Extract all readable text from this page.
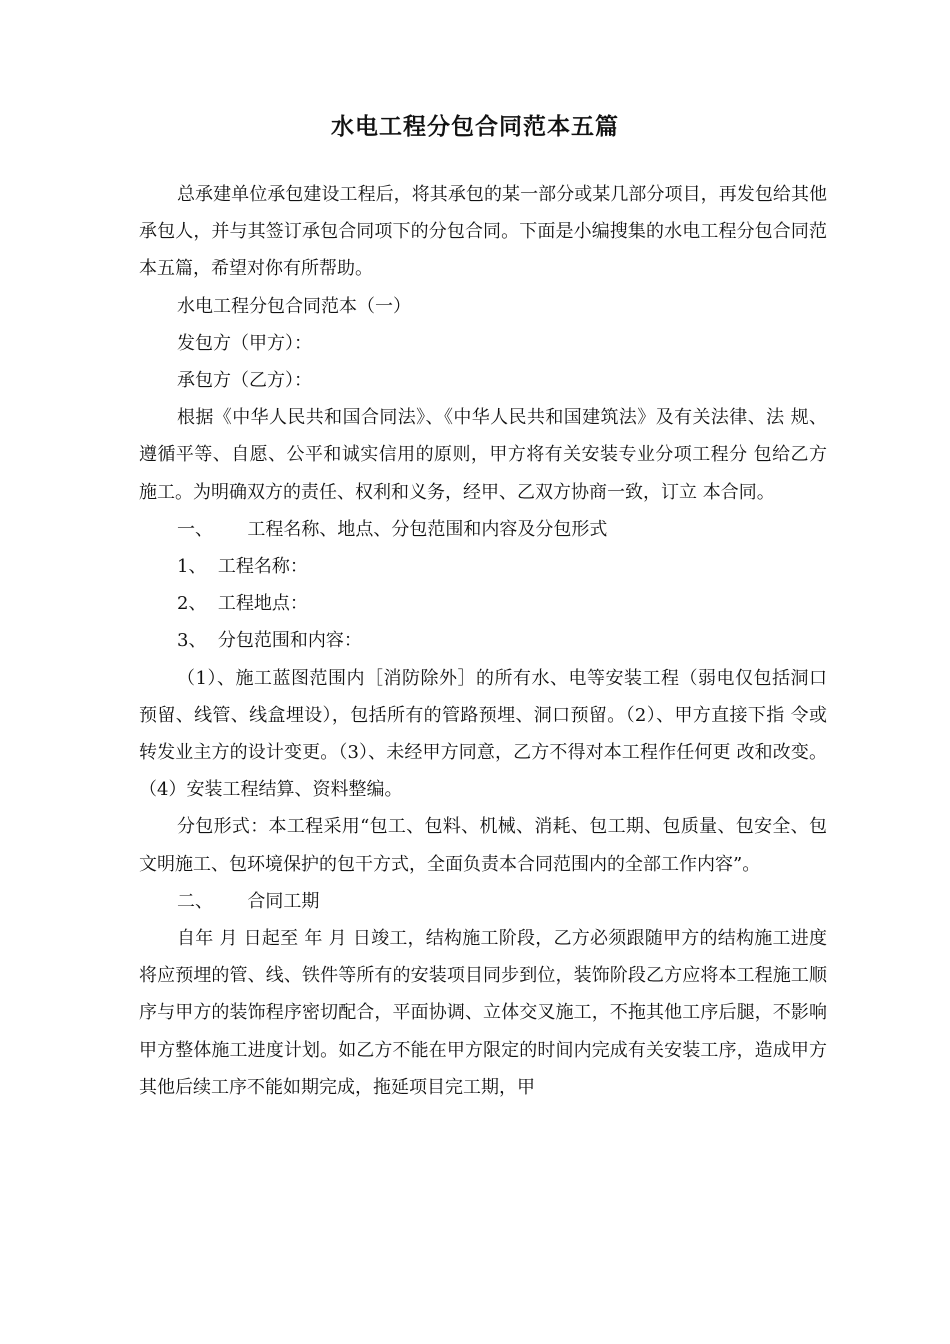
水电工程分包合同范本五篇

总承建单位承包建设工程后，将其承包的某一部分或某几部分项目，再发包给其他承包人，并与其签订承包合同项下的分包合同。下面是小编搜集的水电工程分包合同范本五篇，希望对你有所帮助。

水电工程分包合同范本（一）

发包方（甲方）：

承包方（乙方）：

根据《中华人民共和国合同法》、《中华人民共和国建筑法》及有关法律、法 规、遵循平等、自愿、公平和诚实信用的原则，甲方将有关安装专业分项工程分 包给乙方施工。为明确双方的责任、权利和义务，经甲、乙双方协商一致，订立 本合同。

一、      工程名称、地点、分包范围和内容及分包形式

1、  工程名称：

2、  工程地点：

3、  分包范围和内容：

（1）、施工蓝图范围内［消防除外］的所有水、电等安装工程（弱电仅包括洞口 预留、线管、线盒埋设），包括所有的管路预埋、洞口预留。（2）、甲方直接下指 令或转发业主方的设计变更。（3）、未经甲方同意，乙方不得对本工程作任何更 改和改变。（4）安装工程结算、资料整编。

分包形式：本工程采用“包工、包料、机械、消耗、包工期、包质量、包安全、包文明施工、包环境保护的包干方式，全面负责本合同范围内的全部工作内容”。

二、      合同工期

自年 月 日起至 年 月 日竣工，结构施工阶段，乙方必须跟随甲方的结构施工进度将应预埋的管、线、铁件等所有的安装项目同步到位，装饰阶段乙方应将本工程施工顺序与甲方的装饰程序密切配合，平面协调、立体交叉施工，不拖其他工序后腿，不影响甲方整体施工进度计划。如乙方不能在甲方限定的时间内完成有关安装工序，造成甲方其他后续工序不能如期完成，拖延项目完工期，甲
